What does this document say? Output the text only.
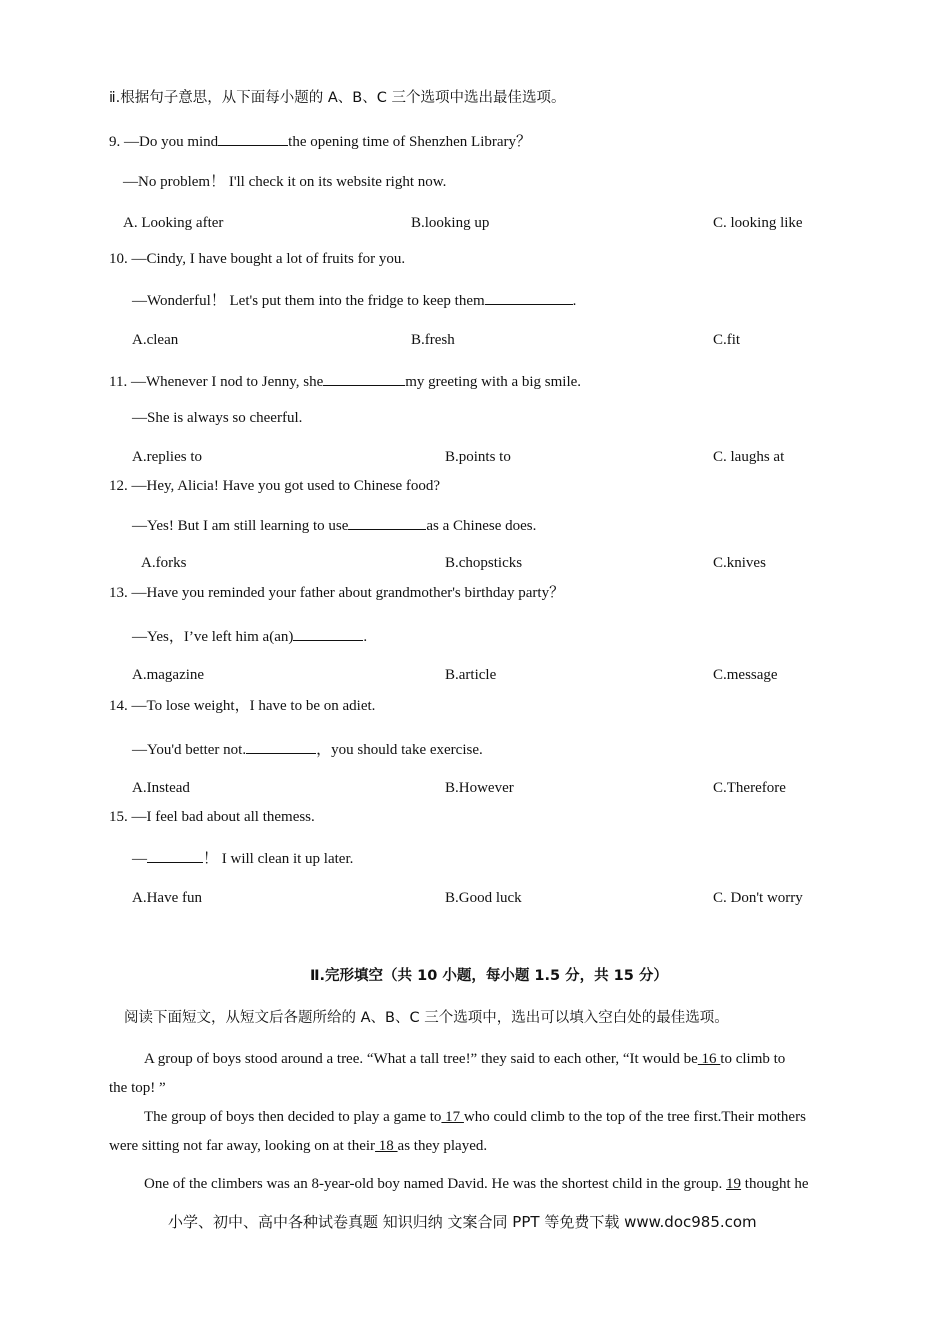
ⅱ.根据句子意思，从下面每小题的 A、B、C 三个选项中选出最佳选项。
9. —Do you mind	the opening time of Shenzhen Library？
—No problem！ I'll check it on its website right now.
A. Looking after	B.looking up	C. looking like
10. —Cindy, I have bought a lot of fruits for you.
—Wonderful！ Let's put them into the fridge to keep them	.
A.clean	B.fresh	C.fit
11. —Whenever I nod to Jenny, she	my greeting with a big smile.
—She is always so cheerful.
A.replies to	B.points to	C. laughs at
12. —Hey, Alicia! Have you got used to Chinese food?
—Yes! But I am still learning to use	as a Chinese does.
A.forks	B.chopsticks	C.knives
13. —Have you reminded your father about grandmother's birthday party？
—Yes，I’ve left him a(an)	.
A.magazine	B.article	C.message
14. —To lose weight，I have to be on adiet.
—You'd better not.	，you should take exercise.
A.Instead	B.However	C.Therefore
15. —I feel bad about all themess.
—	！ I will clean it up later.
A.Have fun	B.Good luck	C. Don't worry
Ⅱ.完形填空（共 10 小题，每小题 1.5 分，共 15 分）
阅读下面短文，从短文后各题所给的 A、B、C 三个选项中，选出可以填入空白处的最佳选项。
A group of boys stood around a tree. “What a tall tree!” they said to each other, “It would be 16 to climb to
the top! ”
The group of boys then decided to play a game to 17 who could climb to the top of the tree first.Their mothers
were sitting not far away, looking on at their 18 as they played.
One of the climbers was an 8-year-old boy named David. He was the shortest child in the group. 19 thought he
小学、初中、高中各种试卷真题 知识归纳 文案合同 PPT 等免费下载 www.doc985.com
